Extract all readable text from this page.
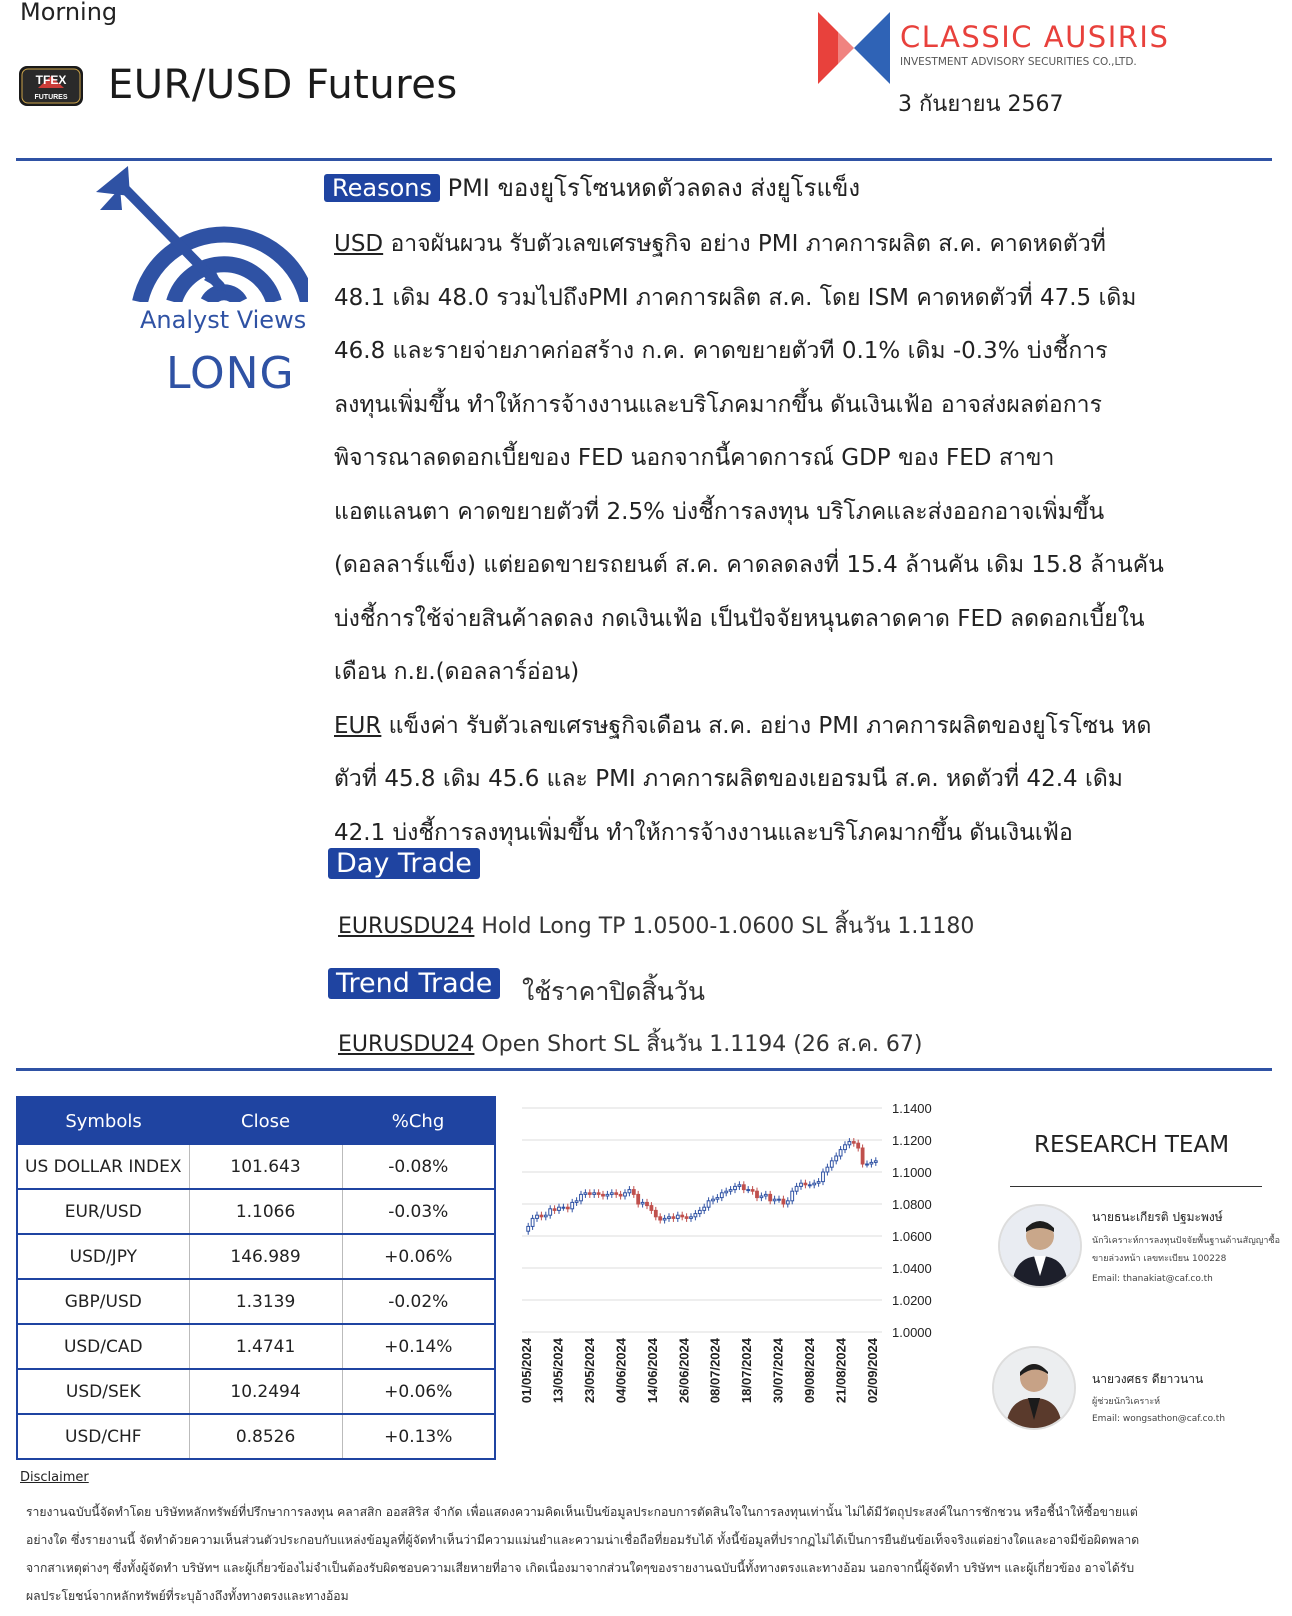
Morning
TFEX
FUTURES EUR/USD Futures
CLASSIC AUSIRIS
INVESTMENT ADVISORY SECURITIES CO.,LTD.
3 กันยายน 2567
Analyst Views
LONG
Reasons PMI ของยูโรโซนหดตัวลดลง ส่งยูโรแข็ง

USD อาจผันผวน รับตัวเลขเศรษฐกิจ อย่าง PMI ภาคการผลิต ส.ค. คาดหดตัวที่

48.1 เดิม 48.0 รวมไปถึงPMI ภาคการผลิต ส.ค. โดย ISM คาดหดตัวที่ 47.5 เดิม

46.8 และรายจ่ายภาคก่อสร้าง ก.ค. คาดขยายตัวที 0.1% เดิม -0.3% บ่งชี้การ

ลงทุนเพิ่มขึ้น ทำให้การจ้างงานและบริโภคมากขึ้น ดันเงินเฟ้อ อาจส่งผลต่อการ

พิจารณาลดดอกเบี้ยของ FED นอกจากนี้คาดการณ์ GDP ของ FED สาขา

แอตแลนตา คาดขยายตัวที่ 2.5% บ่งชี้การลงทุน บริโภคและส่งออกอาจเพิ่มขึ้น

(ดอลลาร์แข็ง) แต่ยอดขายรถยนต์ ส.ค. คาดลดลงที่ 15.4 ล้านคัน เดิม 15.8 ล้านคัน

บ่งชี้การใช้จ่ายสินค้าลดลง กดเงินเฟ้อ เป็นปัจจัยหนุนตลาดคาด FED ลดดอกเบี้ยใน

เดือน ก.ย.(ดอลลาร์อ่อน)

EUR แข็งค่า รับตัวเลขเศรษฐกิจเดือน ส.ค. อย่าง PMI ภาคการผลิตของยูโรโซน หด

ตัวที่ 45.8 เดิม 45.6 และ PMI ภาคการผลิตของเยอรมนี ส.ค. หดตัวที่ 42.4 เดิม

42.1 บ่งชี้การลงทุนเพิ่มขึ้น ทำให้การจ้างงานและบริโภคมากขึ้น ดันเงินเฟ้อ

Day Trade
EURUSDU24 Hold Long TP 1.0500-1.0600 SL สิ้นวัน 1.1180
Trend Trade	ใช้ราคาปิดสิ้นวัน
EURUSDU24 Open Short SL สิ้นวัน 1.1194 (26 ส.ค. 67)
Symbols	Close	%Chg
US DOLLAR INDEX	101.643	-0.08%
EUR/USD	1.1066	-0.03%
USD/JPY	146.989	+0.06%
GBP/USD	1.3139	-0.02%
USD/CAD	1.4741	+0.14%
USD/SEK	10.2494	+0.06%
USD/CHF	0.8526	+0.13%
1.1400
1.1200
1.1000
1.0800
1.0600
1.0400
1.0200
1.0000
01/05/2024 13/05/2024 23/05/2024 04/06/2024 14/06/2024 26/06/2024 08/07/2024 18/07/2024 30/07/2024 09/08/2024 21/08/2024 02/09/2024
RESEARCH TEAM
นายธนะเกียรติ ปฐมะพงษ์
นักวิเคราะห์การลงทุนปัจจัยพื้นฐานด้านสัญญาซื้อขายล่วงหน้า เลขทะเบียน 100228
Email: thanakiat@caf.co.th
นายวงศธร ดียาวนาน
ผู้ช่วยนักวิเคราะห์
Email: wongsathon@caf.co.th
Disclaimer
รายงานฉบับนี้จัดทำโดย บริษัทหลักทรัพย์ที่ปรึกษาการลงทุน คลาสสิก ออสสิริส จำกัด เพื่อแสดงความคิดเห็นเป็นข้อมูลประกอบการตัดสินใจในการลงทุนเท่านั้น ไม่ได้มีวัตถุประสงค์ในการชักชวน หรือชี้นำให้ซื้อขายแต่
อย่างใด ซึ่งรายงานนี้ จัดทำด้วยความเห็นส่วนตัวประกอบกับแหล่งข้อมูลที่ผู้จัดทำเห็นว่ามีความแม่นยำและความน่าเชื่อถือที่ยอมรับได้ ทั้งนี้ข้อมูลที่ปรากฏไม่ได้เป็นการยืนยันข้อเท็จจริงแต่อย่างใดและอาจมีข้อผิดพลาด
จากสาเหตุต่างๆ ซึ่งทั้งผู้จัดทำ บริษัทฯ และผู้เกี่ยวข้องไม่จำเป็นต้องรับผิดชอบความเสียหายที่อาจ เกิดเนื่องมาจากส่วนใดๆของรายงานฉบับนี้ทั้งทางตรงและทางอ้อม นอกจากนี้ผู้จัดทำ บริษัทฯ และผู้เกี่ยวข้อง อาจได้รับ
ผลประโยชน์จากหลักทรัพย์ที่ระบุอ้างถึงทั้งทางตรงและทางอ้อม
